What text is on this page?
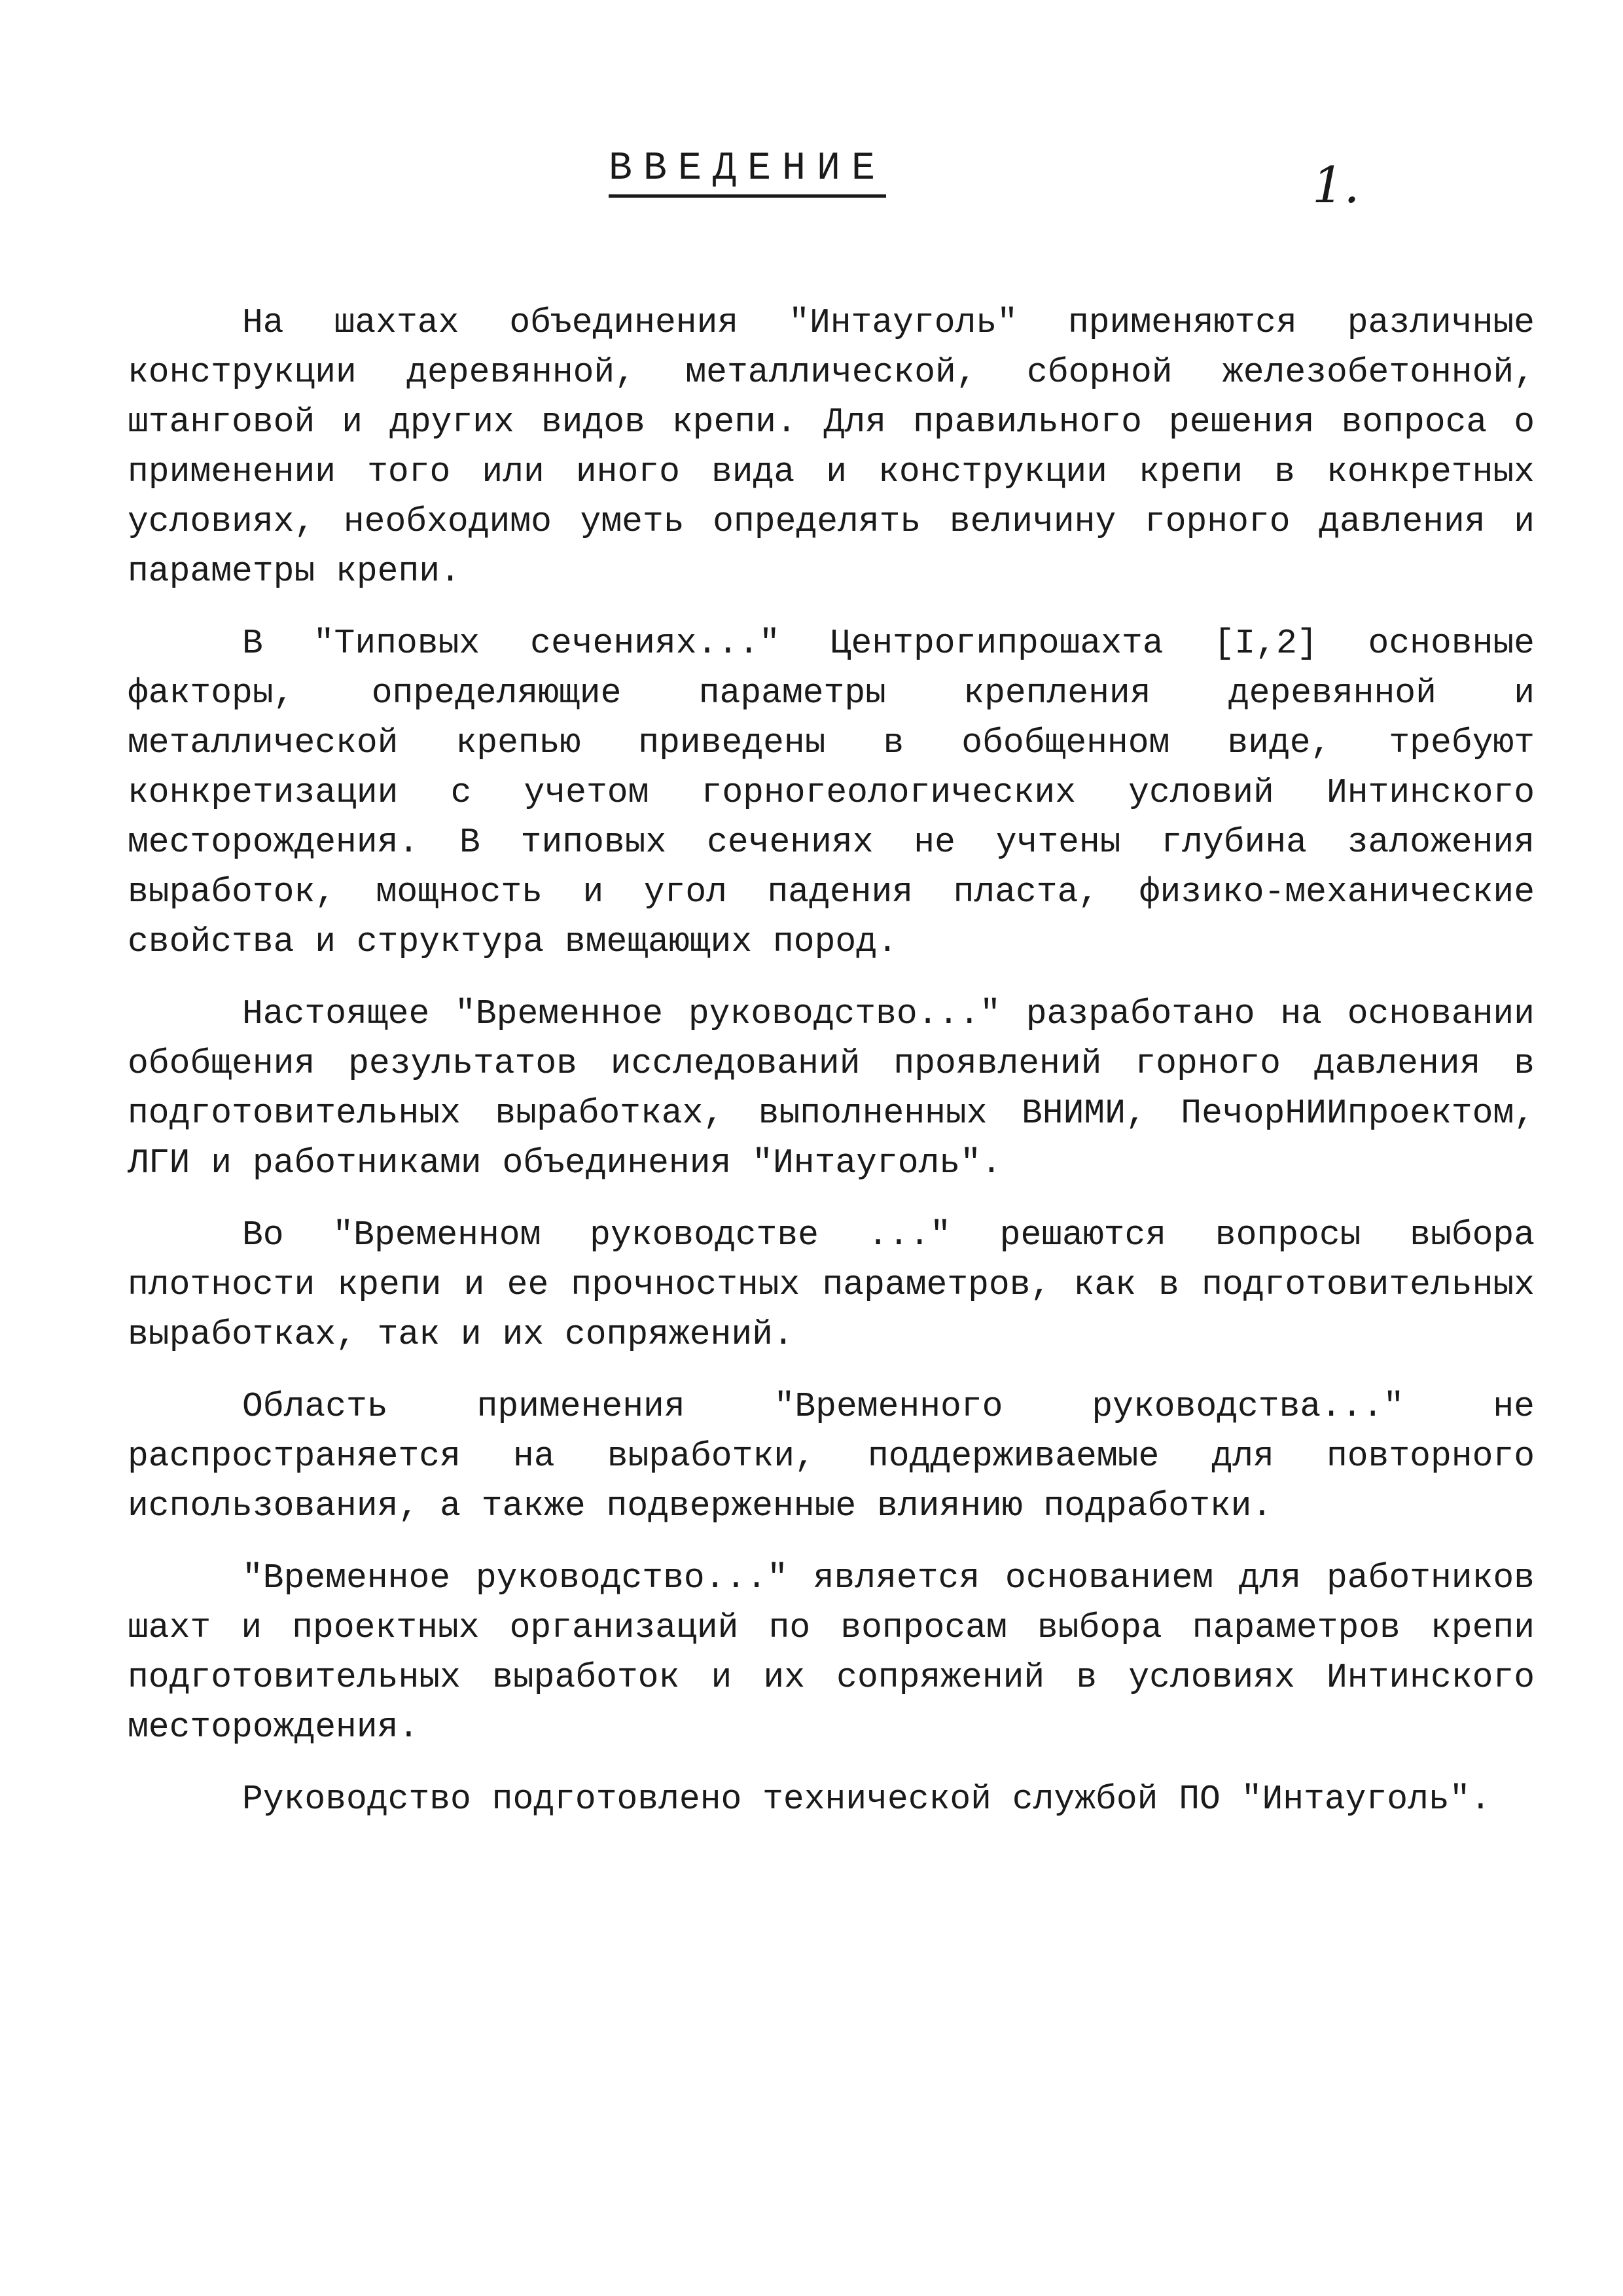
ВВЕДЕНИЕ	1.

На шахтах объединения "Интауголь" применяются различные конструкции деревянной, металлической, сборной железобетонной, штанговой и других видов крепи. Для правильного решения вопроса о применении того или иного вида и конструкции крепи в конкретных условиях, необходимо уметь определять величину горного давления и параметры крепи.

В "Типовых сечениях..." Центрогипрошахта [I,2] основные факторы, определяющие параметры крепления деревянной и металлической крепью приведены в обобщенном виде, требуют конкретизации с учетом горногеологических условий Интинского месторождения. В типовых сечениях не учтены глубина заложения выработок, мощность и угол падения пласта, физико-механические свойства и структура вмещающих пород.

Настоящее "Временное руководство..." разработано на основании обобщения результатов исследований проявлений горного давления в подготовительных выработках, выполненных ВНИМИ, ПечорНИИпроектом, ЛГИ и работниками объединения "Интауголь".

Во "Временном руководстве ..." решаются вопросы выбора плотности крепи и ее прочностных параметров, как в подготовительных выработках, так и их сопряжений.

Область применения "Временного руководства..." не распространяется на выработки, поддерживаемые для повторного использования, а также подверженные влиянию подработки.

"Временное руководство..." является основанием для работников шахт и проектных организаций по вопросам выбора параметров крепи подготовительных выработок и их сопряжений в условиях Интинского месторождения.

Руководство подготовлено технической службой ПО "Интауголь".
